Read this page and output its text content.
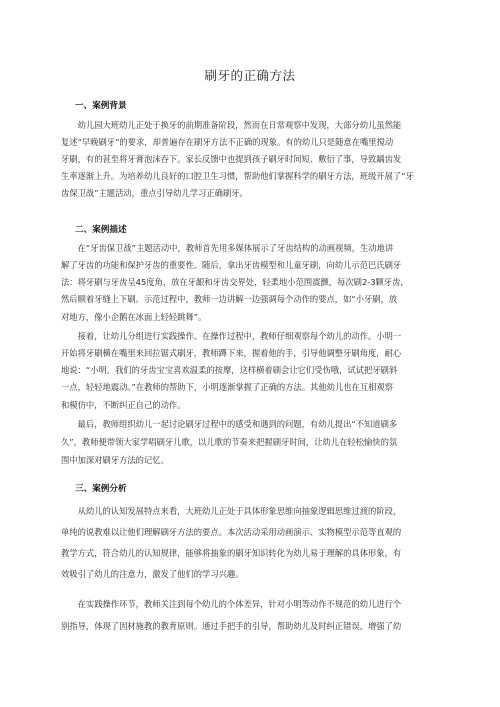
刷牙的正确方法
一、案例背景
　　幼儿园大班幼儿正处于换牙的前期准备阶段，然而在日常观察中发现，大部分幼儿虽然能
复述“早晚刷牙”的要求，却普遍存在刷牙方法不正确的现象。有的幼儿只是随意在嘴里搅动
牙刷，有的甚至将牙膏泡沫吞下。家长反馈中也提到孩子刷牙时间短、敷衍了事，导致龋齿发
生率逐渐上升。为培养幼儿良好的口腔卫生习惯，帮助他们掌握科学的刷牙方法，班级开展了“牙
齿保卫战”主题活动，重点引导幼儿学习正确刷牙。
二、案例描述
　　在“牙齿保卫战”主题活动中，教师首先用多媒体展示了牙齿结构的动画视频，生动地讲
解了牙齿的功能和保护牙齿的重要性。随后，拿出牙齿模型和儿童牙刷，向幼儿示范巴氏刷牙
法：将牙刷与牙齿呈45度角，放在牙龈和牙齿交界处，轻柔地小范围震颤，每次刷2-3颗牙齿，
然后顺着牙缝上下刷。示范过程中，教师一边讲解一边强调每个动作的要点，如“小牙刷，放
对地方，像小企鹅在冰面上轻轻跳舞”。
　　接着，让幼儿分组进行实践操作。在操作过程中，教师仔细观察每个幼儿的动作。小明一
开始将牙刷横在嘴里来回拉锯式刷牙，教师蹲下来，握着他的手，引导他调整牙刷角度，耐心
地说：“小明，我们的牙齿宝宝喜欢温柔的按摩，这样横着刷会让它们受伤哦，试试把牙刷斜
一点，轻轻地震动。”在教师的帮助下，小明逐渐掌握了正确的方法。其他幼儿也在互相观察
和模仿中，不断纠正自己的动作。
　　最后，教师组织幼儿一起讨论刷牙过程中的感受和遇到的问题，有幼儿提出“不知道刷多
久”，教师便带领大家学唱刷牙儿歌，以儿歌的节奏来把握刷牙时间，让幼儿在轻松愉快的氛
围中加深对刷牙方法的记忆。
三、案例分析
　　从幼儿的认知发展特点来看，大班幼儿正处于具体形象思维向抽象逻辑思维过渡的阶段，
单纯的说教难以让他们理解刷牙方法的要点。本次活动采用动画演示、实物模型示范等直观的
教学方式，符合幼儿的认知规律，能够将抽象的刷牙知识转化为幼儿易于理解的具体形象，有
效吸引了幼儿的注意力，激发了他们的学习兴趣。
　　在实践操作环节，教师关注到每个幼儿的个体差异，针对小明等动作不规范的幼儿进行个
别指导，体现了因材施教的教育原则。通过手把手的引导，帮助幼儿及时纠正错误，增强了幼
